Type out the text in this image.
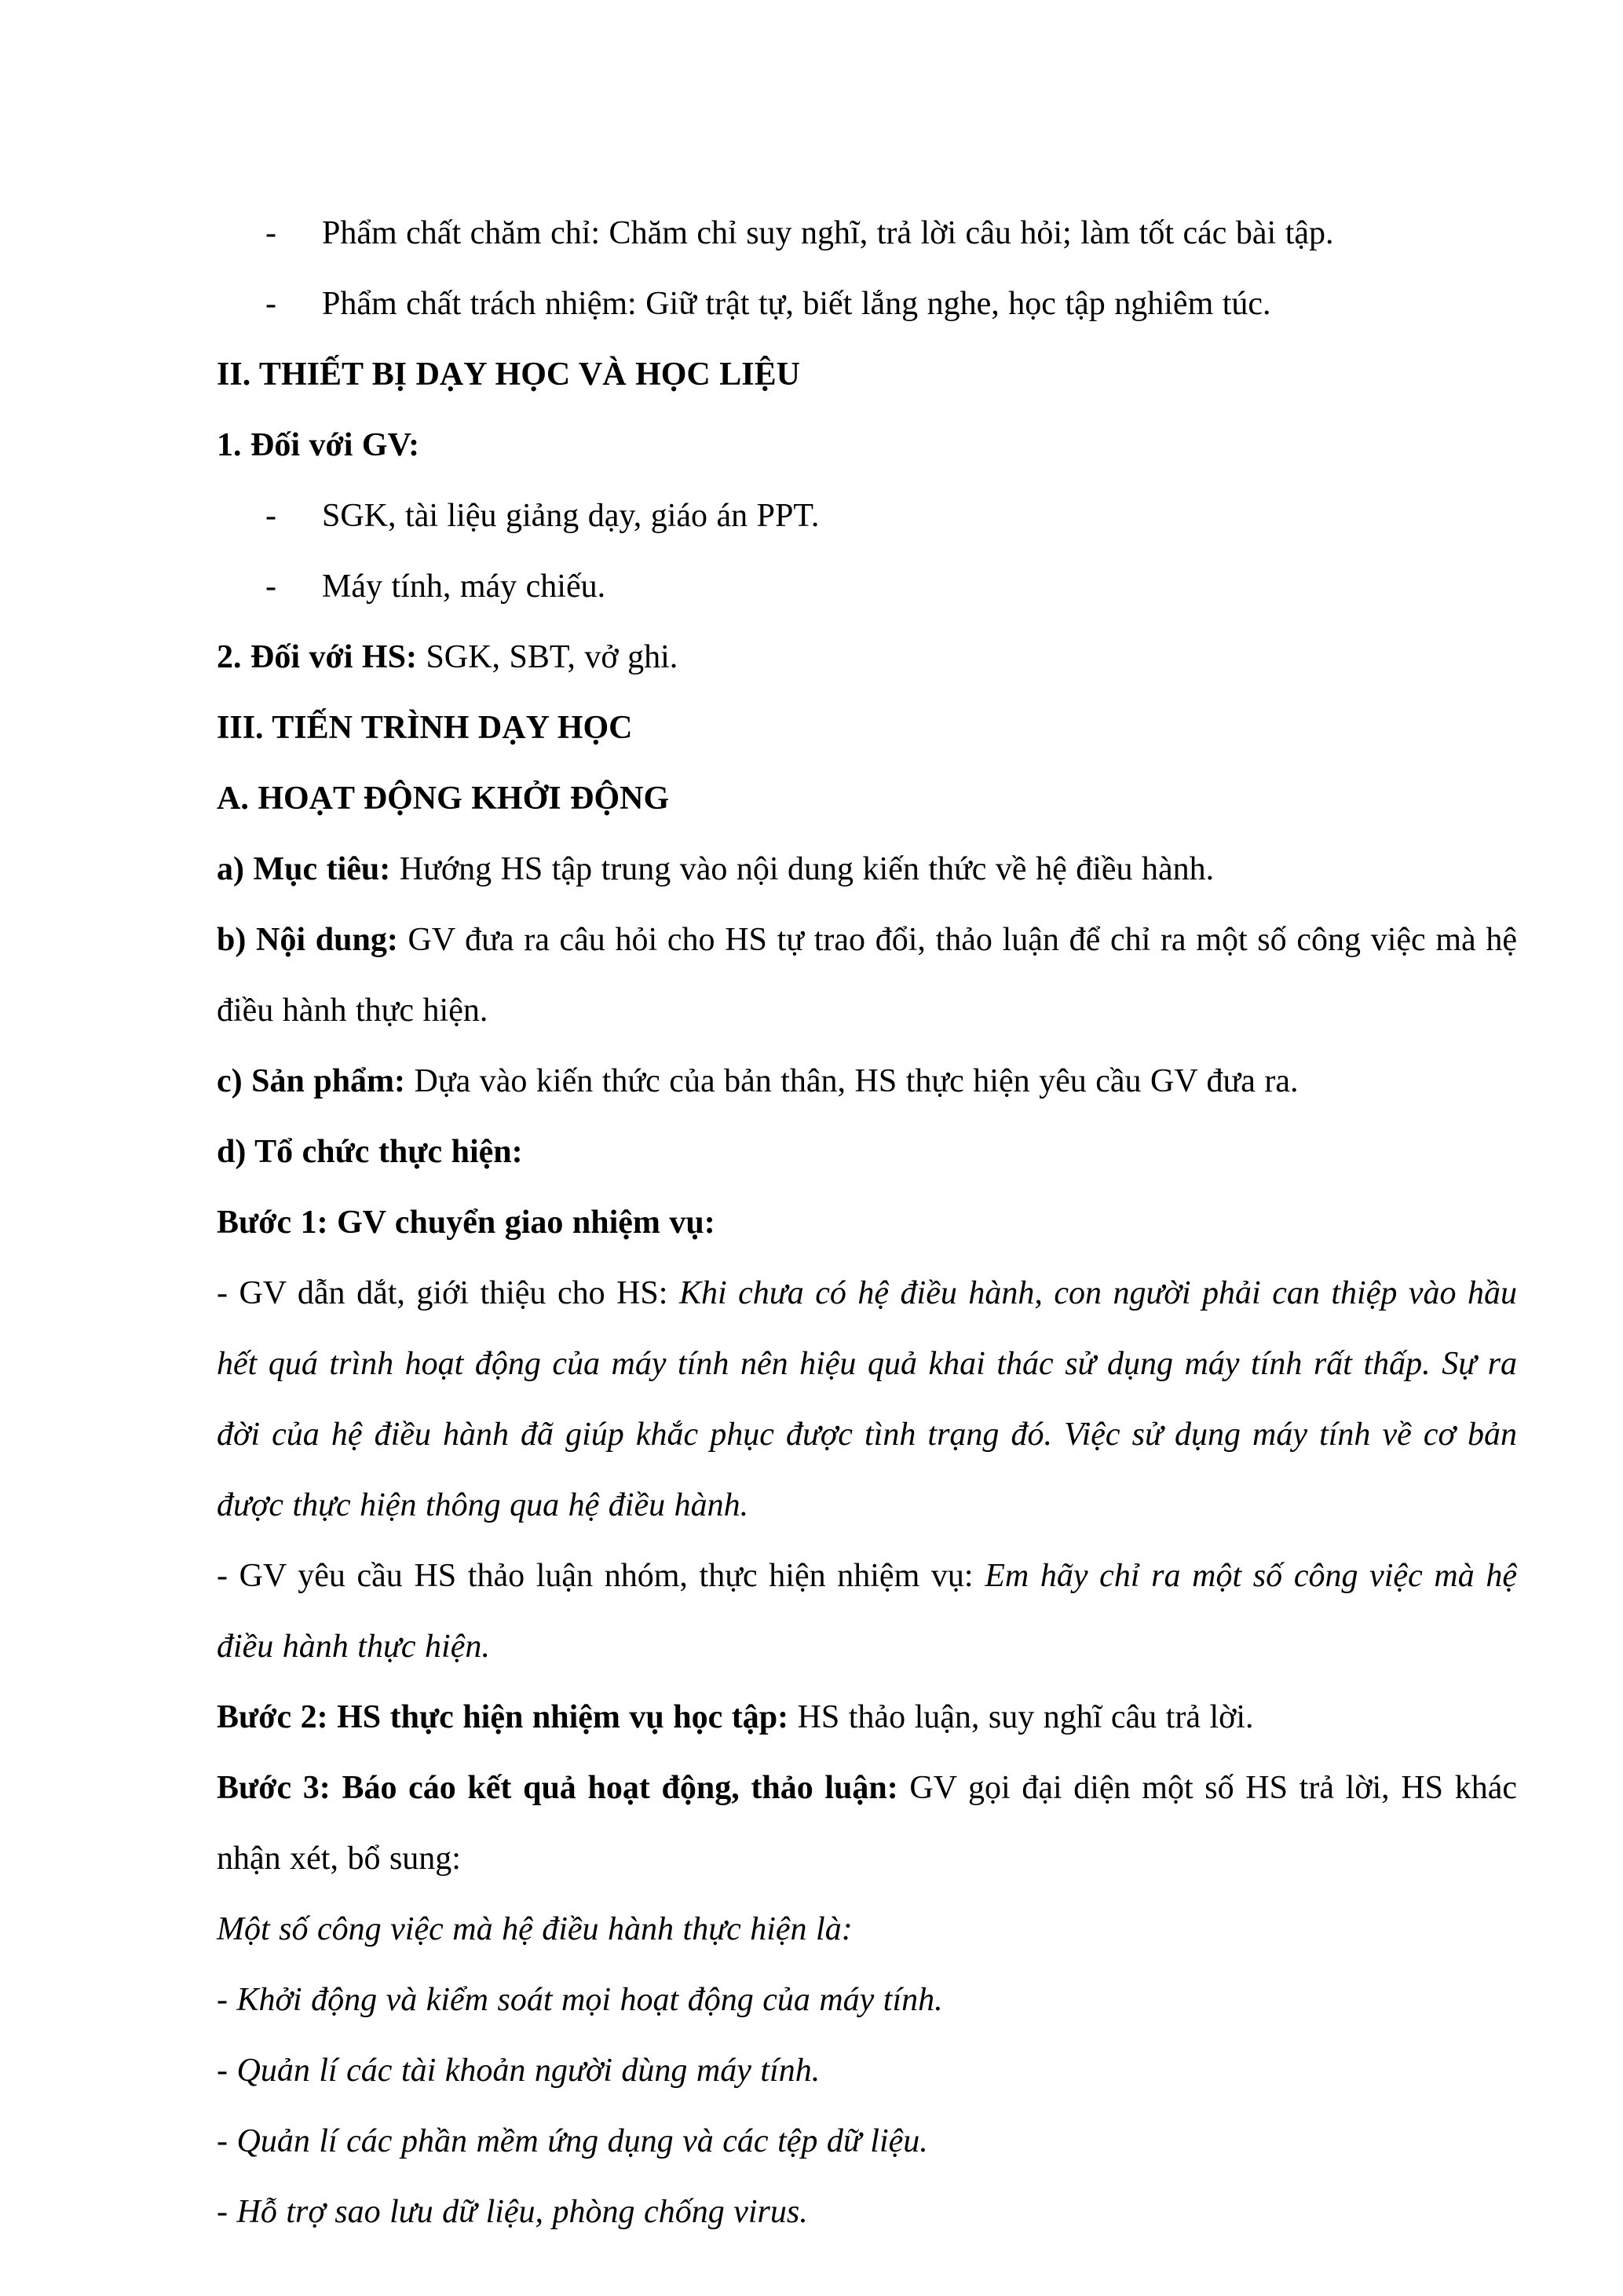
- Phẩm chất chăm chỉ: Chăm chỉ suy nghĩ, trả lời câu hỏi; làm tốt các bài tập.
- Phẩm chất trách nhiệm: Giữ trật tự, biết lắng nghe, học tập nghiêm túc.
II. THIẾT BỊ DẠY HỌC VÀ HỌC LIỆU
1. Đối với GV:
- SGK, tài liệu giảng dạy, giáo án PPT.
- Máy tính, máy chiếu.
2. Đối với HS: SGK, SBT, vở ghi.
III. TIẾN TRÌNH DẠY HỌC
A. HOẠT ĐỘNG KHỞI ĐỘNG
a) Mục tiêu: Hướng HS tập trung vào nội dung kiến thức về hệ điều hành.
b) Nội dung: GV đưa ra câu hỏi cho HS tự trao đổi, thảo luận để chỉ ra một số công việc mà hệ điều hành thực hiện.
c) Sản phẩm: Dựa vào kiến thức của bản thân, HS thực hiện yêu cầu GV đưa ra.
d) Tổ chức thực hiện:
Bước 1: GV chuyển giao nhiệm vụ:
- GV dẫn dắt, giới thiệu cho HS: Khi chưa có hệ điều hành, con người phải can thiệp vào hầu hết quá trình hoạt động của máy tính nên hiệu quả khai thác sử dụng máy tính rất thấp. Sự ra đời của hệ điều hành đã giúp khắc phục được tình trạng đó. Việc sử dụng máy tính về cơ bản được thực hiện thông qua hệ điều hành.
- GV yêu cầu HS thảo luận nhóm, thực hiện nhiệm vụ: Em hãy chỉ ra một số công việc mà hệ điều hành thực hiện.
Bước 2: HS thực hiện nhiệm vụ học tập: HS thảo luận, suy nghĩ câu trả lời.
Bước 3: Báo cáo kết quả hoạt động, thảo luận: GV gọi đại diện một số HS trả lời, HS khác nhận xét, bổ sung:
Một số công việc mà hệ điều hành thực hiện là:
- Khởi động và kiểm soát mọi hoạt động của máy tính.
- Quản lí các tài khoản người dùng máy tính.
- Quản lí các phần mềm ứng dụng và các tệp dữ liệu.
- Hỗ trợ sao lưu dữ liệu, phòng chống virus.
